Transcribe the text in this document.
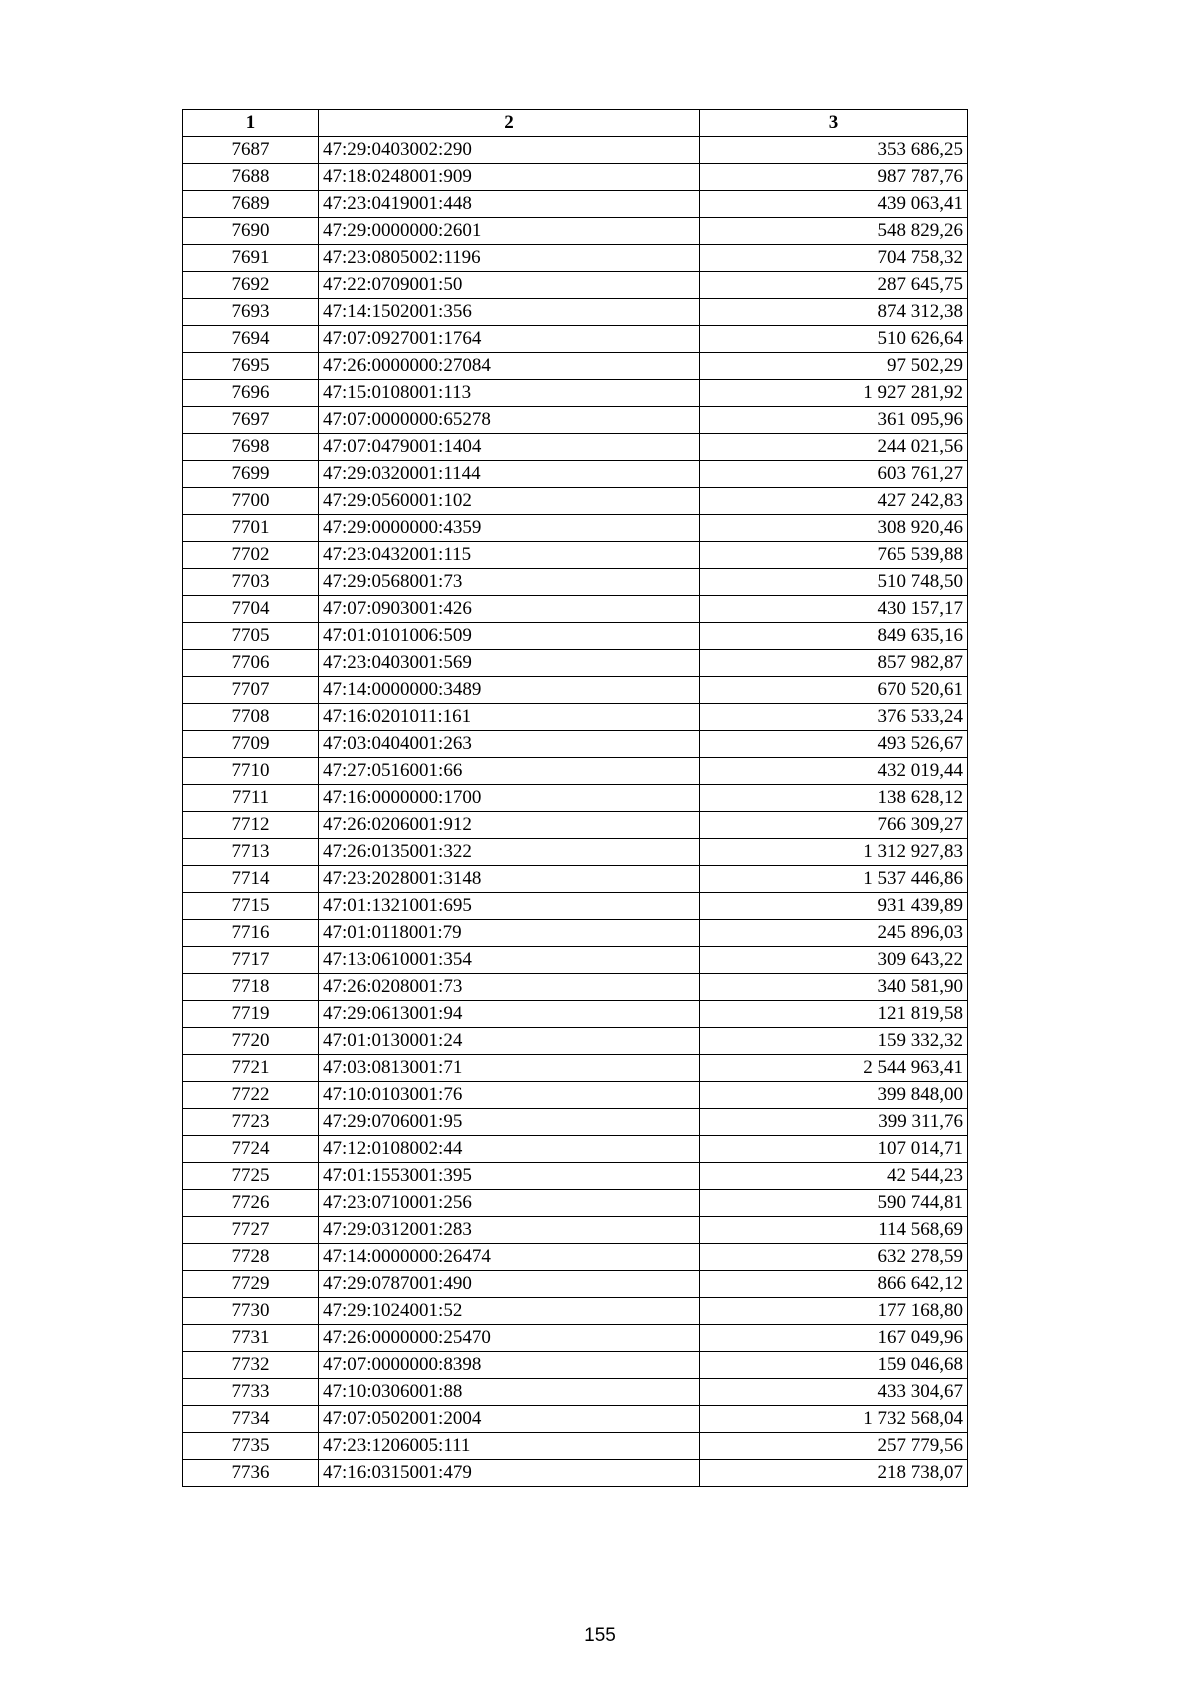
1	2	3
7687	47:29:0403002:290	353 686,25
7688	47:18:0248001:909	987 787,76
7689	47:23:0419001:448	439 063,41
7690	47:29:0000000:2601	548 829,26
7691	47:23:0805002:1196	704 758,32
7692	47:22:0709001:50	287 645,75
7693	47:14:1502001:356	874 312,38
7694	47:07:0927001:1764	510 626,64
7695	47:26:0000000:27084	97 502,29
7696	47:15:0108001:113	1 927 281,92
7697	47:07:0000000:65278	361 095,96
7698	47:07:0479001:1404	244 021,56
7699	47:29:0320001:1144	603 761,27
7700	47:29:0560001:102	427 242,83
7701	47:29:0000000:4359	308 920,46
7702	47:23:0432001:115	765 539,88
7703	47:29:0568001:73	510 748,50
7704	47:07:0903001:426	430 157,17
7705	47:01:0101006:509	849 635,16
7706	47:23:0403001:569	857 982,87
7707	47:14:0000000:3489	670 520,61
7708	47:16:0201011:161	376 533,24
7709	47:03:0404001:263	493 526,67
7710	47:27:0516001:66	432 019,44
7711	47:16:0000000:1700	138 628,12
7712	47:26:0206001:912	766 309,27
7713	47:26:0135001:322	1 312 927,83
7714	47:23:2028001:3148	1 537 446,86
7715	47:01:1321001:695	931 439,89
7716	47:01:0118001:79	245 896,03
7717	47:13:0610001:354	309 643,22
7718	47:26:0208001:73	340 581,90
7719	47:29:0613001:94	121 819,58
7720	47:01:0130001:24	159 332,32
7721	47:03:0813001:71	2 544 963,41
7722	47:10:0103001:76	399 848,00
7723	47:29:0706001:95	399 311,76
7724	47:12:0108002:44	107 014,71
7725	47:01:1553001:395	42 544,23
7726	47:23:0710001:256	590 744,81
7727	47:29:0312001:283	114 568,69
7728	47:14:0000000:26474	632 278,59
7729	47:29:0787001:490	866 642,12
7730	47:29:1024001:52	177 168,80
7731	47:26:0000000:25470	167 049,96
7732	47:07:0000000:8398	159 046,68
7733	47:10:0306001:88	433 304,67
7734	47:07:0502001:2004	1 732 568,04
7735	47:23:1206005:111	257 779,56
7736	47:16:0315001:479	218 738,07
155
